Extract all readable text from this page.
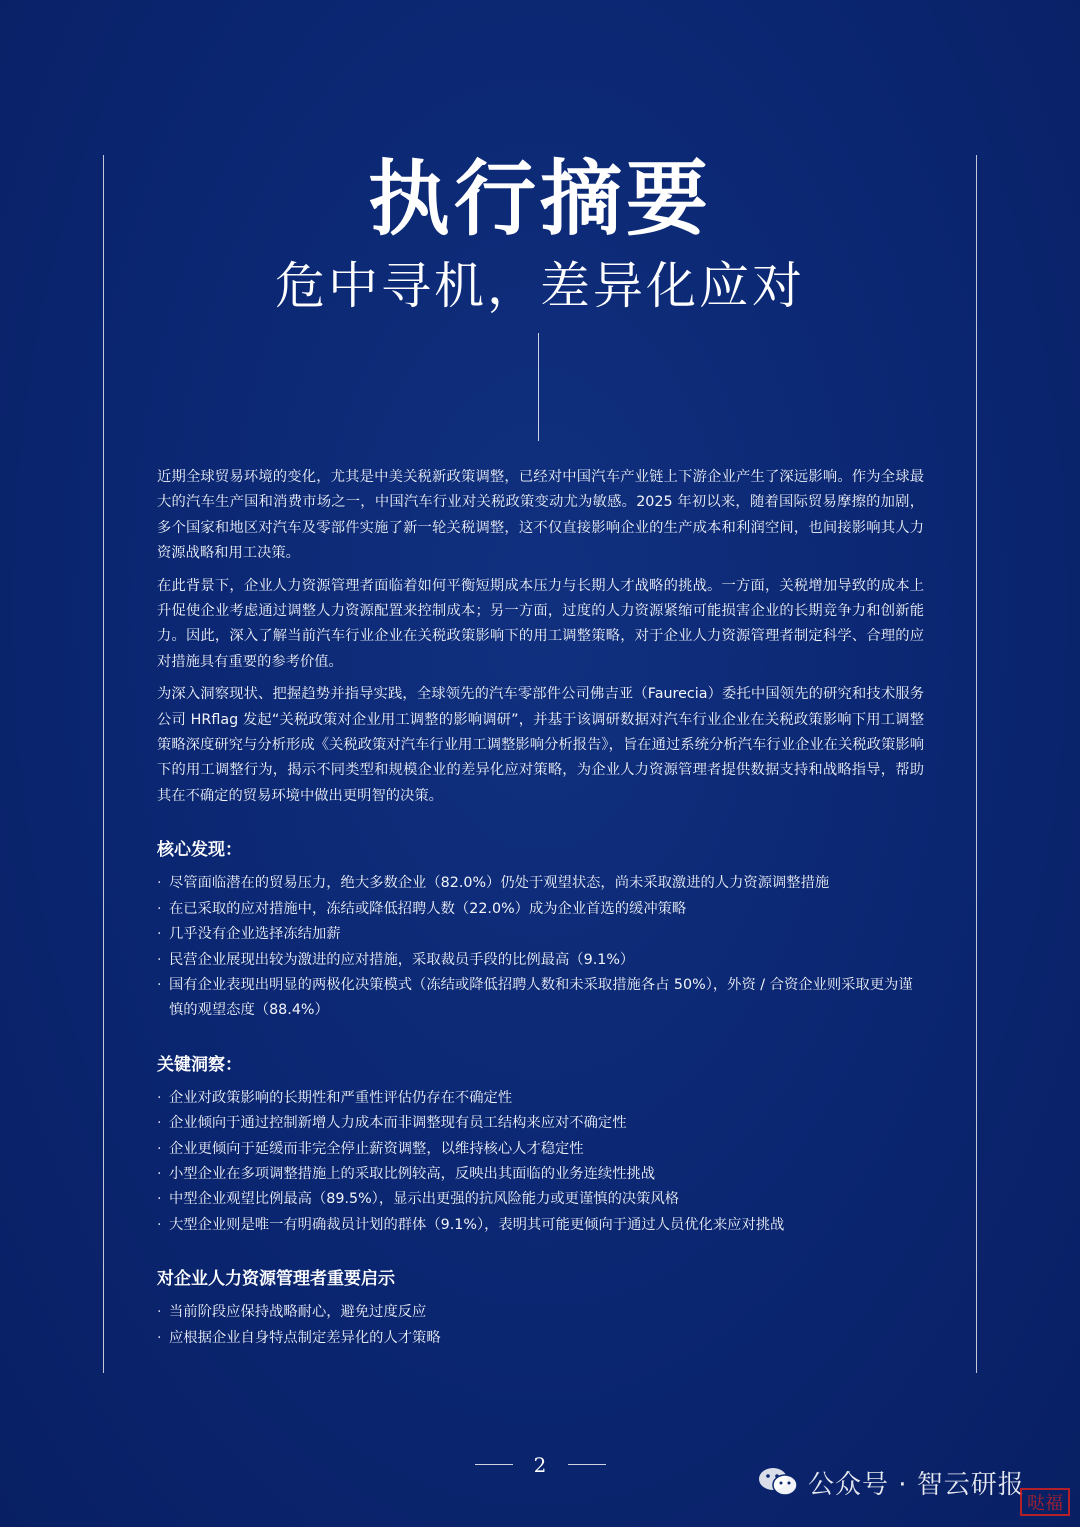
执行摘要
危中寻机，差异化应对

近期全球贸易环境的变化，尤其是中美关税新政策调整，已经对中国汽车产业链上下游企业产生了深远影响。作为全球最大的汽车生产国和消费市场之一，中国汽车行业对关税政策变动尤为敏感。2025 年初以来，随着国际贸易摩擦的加剧，多个国家和地区对汽车及零部件实施了新一轮关税调整，这不仅直接影响企业的生产成本和利润空间，也间接影响其人力资源战略和用工决策。

在此背景下，企业人力资源管理者面临着如何平衡短期成本压力与长期人才战略的挑战。一方面，关税增加导致的成本上升促使企业考虑通过调整人力资源配置来控制成本；另一方面，过度的人力资源紧缩可能损害企业的长期竞争力和创新能力。因此，深入了解当前汽车行业企业在关税政策影响下的用工调整策略，对于企业人力资源管理者制定科学、合理的应对措施具有重要的参考价值。

为深入洞察现状、把握趋势并指导实践，全球领先的汽车零部件公司佛吉亚（Faurecia）委托中国领先的研究和技术服务公司 HRflag 发起“关税政策对企业用工调整的影响调研”，并基于该调研数据对汽车行业企业在关税政策影响下用工调整策略深度研究与分析形成《关税政策对汽车行业用工调整影响分析报告》，旨在通过系统分析汽车行业企业在关税政策影响下的用工调整行为，揭示不同类型和规模企业的差异化应对策略，为企业人力资源管理者提供数据支持和战略指导，帮助其在不确定的贸易环境中做出更明智的决策。

核心发现：
· 尽管面临潜在的贸易压力，绝大多数企业（82.0%）仍处于观望状态，尚未采取激进的人力资源调整措施
· 在已采取的应对措施中，冻结或降低招聘人数（22.0%）成为企业首选的缓冲策略
· 几乎没有企业选择冻结加薪
· 民营企业展现出较为激进的应对措施，采取裁员手段的比例最高（9.1%）
· 国有企业表现出明显的两极化决策模式（冻结或降低招聘人数和未采取措施各占 50%），外资 / 合资企业则采取更为谨慎的观望态度（88.4%）
关键洞察：
· 企业对政策影响的长期性和严重性评估仍存在不确定性
· 企业倾向于通过控制新增人力成本而非调整现有员工结构来应对不确定性
· 企业更倾向于延缓而非完全停止薪资调整，以维持核心人才稳定性
· 小型企业在多项调整措施上的采取比例较高，反映出其面临的业务连续性挑战
· 中型企业观望比例最高（89.5%），显示出更强的抗风险能力或更谨慎的决策风格
· 大型企业则是唯一有明确裁员计划的群体（9.1%），表明其可能更倾向于通过人员优化来应对挑战
对企业人力资源管理者重要启示
· 当前阶段应保持战略耐心，避免过度反应
· 应根据企业自身特点制定差异化的人才策略
2
公众号 · 智云研报
哒福
